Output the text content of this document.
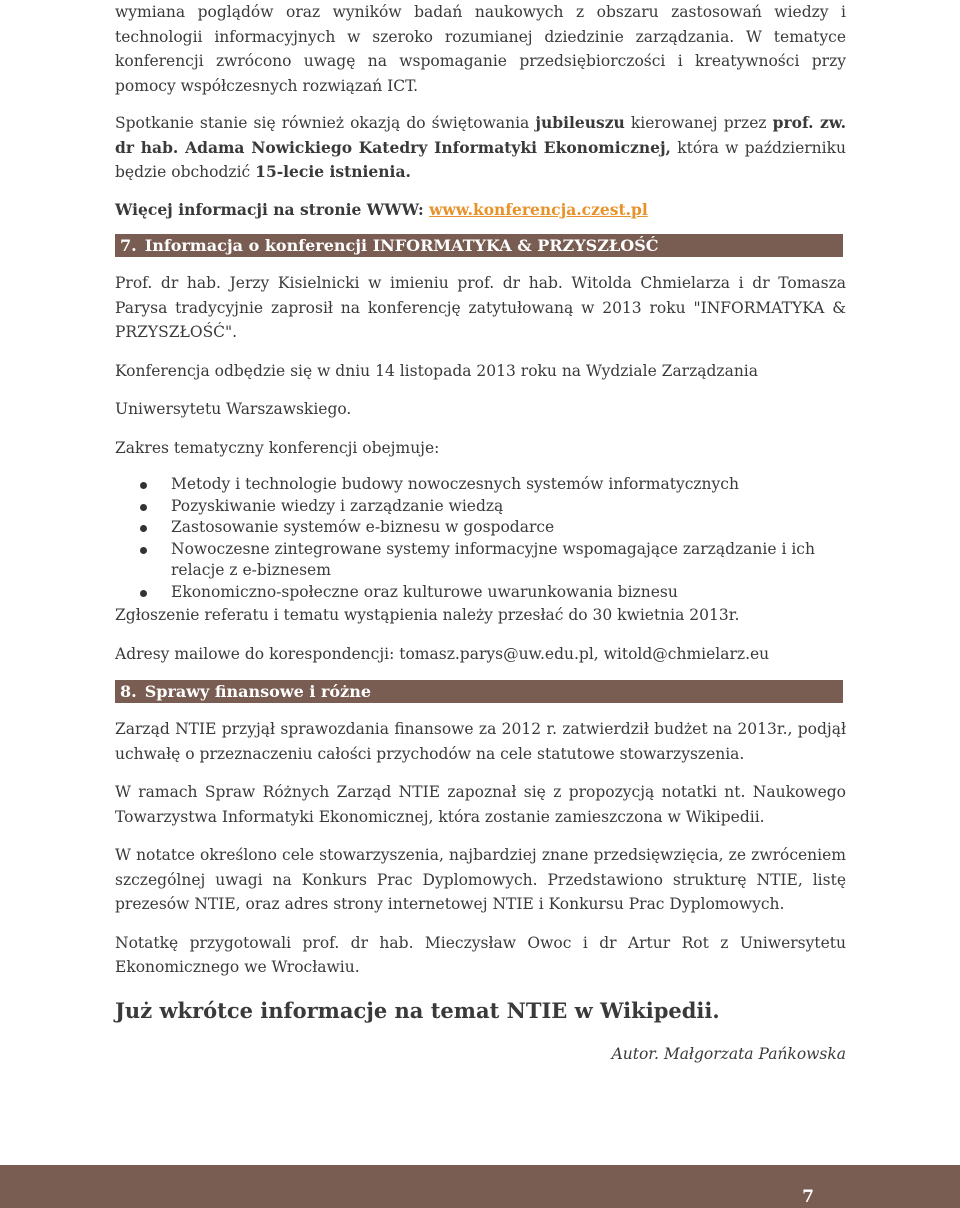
wymiana poglądów oraz wyników badań naukowych z obszaru zastosowań wiedzy i technologii informacyjnych w szeroko rozumianej dziedzinie zarządzania. W tematyce konferencji zwrócono uwagę na wspomaganie przedsiębiorczości i kreatywności przy pomocy współczesnych rozwiązań ICT.

Spotkanie stanie się również okazją do świętowania jubileuszu kierowanej przez prof. zw. dr hab. Adama Nowickiego Katedry Informatyki Ekonomicznej, która w październiku będzie obchodzić 15-lecie istnienia.

Więcej informacji na stronie WWW: www.konferencja.czest.pl

7. Informacja o konferencji INFORMATYKA & PRZYSZŁOŚĆ

Prof. dr hab. Jerzy Kisielnicki w imieniu prof. dr hab. Witolda Chmielarza i dr Tomasza Parysa tradycyjnie zaprosił na konferencję zatytułowaną w 2013 roku "INFORMATYKA & PRZYSZŁOŚĆ".

Konferencja odbędzie się w dniu 14 listopada 2013 roku na Wydziale Zarządzania

Uniwersytetu Warszawskiego.

Zakres tematyczny konferencji obejmuje:

Metody i technologie budowy nowoczesnych systemów informatycznych
Pozyskiwanie wiedzy i zarządzanie wiedzą
Zastosowanie systemów e-biznesu w gospodarce
Nowoczesne zintegrowane systemy informacyjne wspomagające zarządzanie i ich relacje z e-biznesem
Ekonomiczno-społeczne oraz kulturowe uwarunkowania biznesu

Zgłoszenie referatu i tematu wystąpienia należy przesłać do 30 kwietnia 2013r.

Adresy mailowe do korespondencji: tomasz.parys@uw.edu.pl, witold@chmielarz.eu

8. Sprawy finansowe i różne

Zarząd NTIE przyjął sprawozdania finansowe za 2012 r. zatwierdził budżet na 2013r., podjął uchwałę o przeznaczeniu całości przychodów na cele statutowe stowarzyszenia.

W ramach Spraw Różnych Zarząd NTIE zapoznał się z propozycją notatki nt. Naukowego Towarzystwa Informatyki Ekonomicznej, która zostanie zamieszczona w Wikipedii.

W notatce określono cele stowarzyszenia, najbardziej znane przedsięwzięcia, ze zwróceniem szczególnej uwagi na Konkurs Prac Dyplomowych. Przedstawiono strukturę NTIE, listę prezesów NTIE, oraz adres strony internetowej NTIE i Konkursu Prac Dyplomowych.

Notatkę przygotowali prof. dr hab. Mieczysław Owoc i dr Artur Rot z Uniwersytetu Ekonomicznego we Wrocławiu.

Już wkrótce informacje na temat NTIE w Wikipedii.

Autor. Małgorzata Pańkowska

7
